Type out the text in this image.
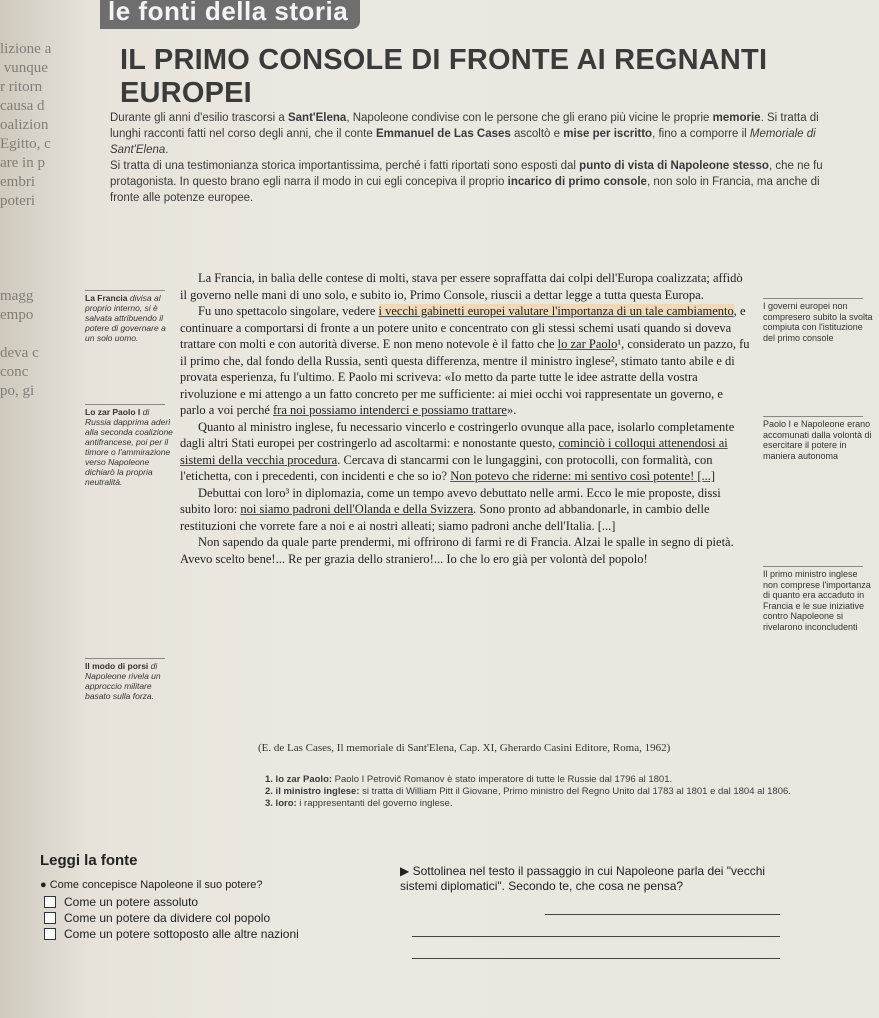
lizione a
vunque
r ritorn
causa d
oalizion
Egitto, c
are in p
embri
poteri

magg
empo

deva c
conc
po, gi
le fonti della storia
IL PRIMO CONSOLE DI FRONTE AI REGNANTI EUROPEI

Durante gli anni d'esilio trascorsi a Sant'Elena, Napoleone condivise con le persone che gli erano più vicine le proprie memorie. Si tratta di lunghi racconti fatti nel corso degli anni, che il conte Emmanuel de Las Cases ascoltò e mise per iscritto, fino a comporre il Memoriale di Sant'Elena.

Si tratta di una testimonianza storica importantissima, perché i fatti riportati sono esposti dal punto di vista di Napoleone stesso, che ne fu protagonista. In questo brano egli narra il modo in cui egli concepiva il proprio incarico di primo console, non solo in Francia, ma anche di fronte alle potenze europee.

La Francia, in balìa delle contese di molti, stava per essere sopraffatta dai colpi dell'Europa coalizzata; affidò il governo nelle mani di uno solo, e subito io, Primo Console, riuscii a dettar legge a tutta questa Europa.

Fu uno spettacolo singolare, vedere i vecchi gabinetti europei valutare l'importanza di un tale cambiamento, e continuare a comportarsi di fronte a un potere unito e concentrato con gli stessi schemi usati quando si doveva trattare con molti e con autorità diverse. E non meno notevole è il fatto che lo zar Paolo¹, considerato un pazzo, fu il primo che, dal fondo della Russia, sentì questa differenza, mentre il ministro inglese², stimato tanto abile e di provata esperienza, fu l'ultimo. E Paolo mi scriveva: «Io metto da parte tutte le idee astratte della vostra rivoluzione e mi attengo a un fatto concreto per me sufficiente: ai miei occhi voi rappresentate un governo, e parlo a voi perché fra noi possiamo intenderci e possiamo trattare».

Quanto al ministro inglese, fu necessario vincerlo e costringerlo ovunque alla pace, isolarlo completamente dagli altri Stati europei per costringerlo ad ascoltarmi: e nonostante questo, cominciò i colloqui attenendosi ai sistemi della vecchia procedura. Cercava di stancarmi con le lungaggini, con protocolli, con formalità, con l'etichetta, con i precedenti, con incidenti e che so io? Non potevo che riderne: mi sentivo così potente! [...]

Debuttai con loro³ in diplomazia, come un tempo avevo debuttato nelle armi. Ecco le mie proposte, dissi subito loro: noi siamo padroni dell'Olanda e della Svizzera. Sono pronto ad abbandonarle, in cambio delle restituzioni che vorrete fare a noi e ai nostri alleati; siamo padroni anche dell'Italia. [...]

Non sapendo da quale parte prendermi, mi offrirono di farmi re di Francia. Alzai le spalle in segno di pietà. Avevo scelto bene!... Re per grazia dello straniero!... Io che lo ero già per volontà del popolo!

La Francia divisa al proprio interno, si è salvata attribuendo il potere di governare a un solo uomo.
Lo zar Paolo I di Russia dapprima aderì alla seconda coalizione antifrancese, poi per il timore o l'ammirazione verso Napoleone dichiarò la propria neutralità.
Il modo di porsi di Napoleone rivela un approccio militare basato sulla forza.
I governi europei non compresero subito la svolta compiuta con l'istituzione del primo console
Paolo I e Napoleone erano accomunati dalla volontà di esercitare il potere in maniera autonoma
Il primo ministro inglese non comprese l'importanza di quanto era accaduto in Francia e le sue iniziative contro Napoleone si rivelarono inconcludenti
(E. de Las Cases, Il memoriale di Sant'Elena, Cap. XI, Gherardo Casini Editore, Roma, 1962)

1. lo zar Paolo: Paolo I Petrovič Romanov è stato imperatore di tutte le Russie dal 1796 al 1801.

2. il ministro inglese: si tratta di William Pitt il Giovane, Primo ministro del Regno Unito dal 1783 al 1801 e dal 1804 al 1806.

3. loro: i rappresentanti del governo inglese.

Leggi la fonte
● Come concepisce Napoleone il suo potere?
Come un potere assoluto
Come un potere da dividere col popolo
Come un potere sottoposto alle altre nazioni
▶ Sottolinea nel testo il passaggio in cui Napoleone parla dei "vecchi sistemi diplomatici". Secondo te, che cosa ne pensa?
